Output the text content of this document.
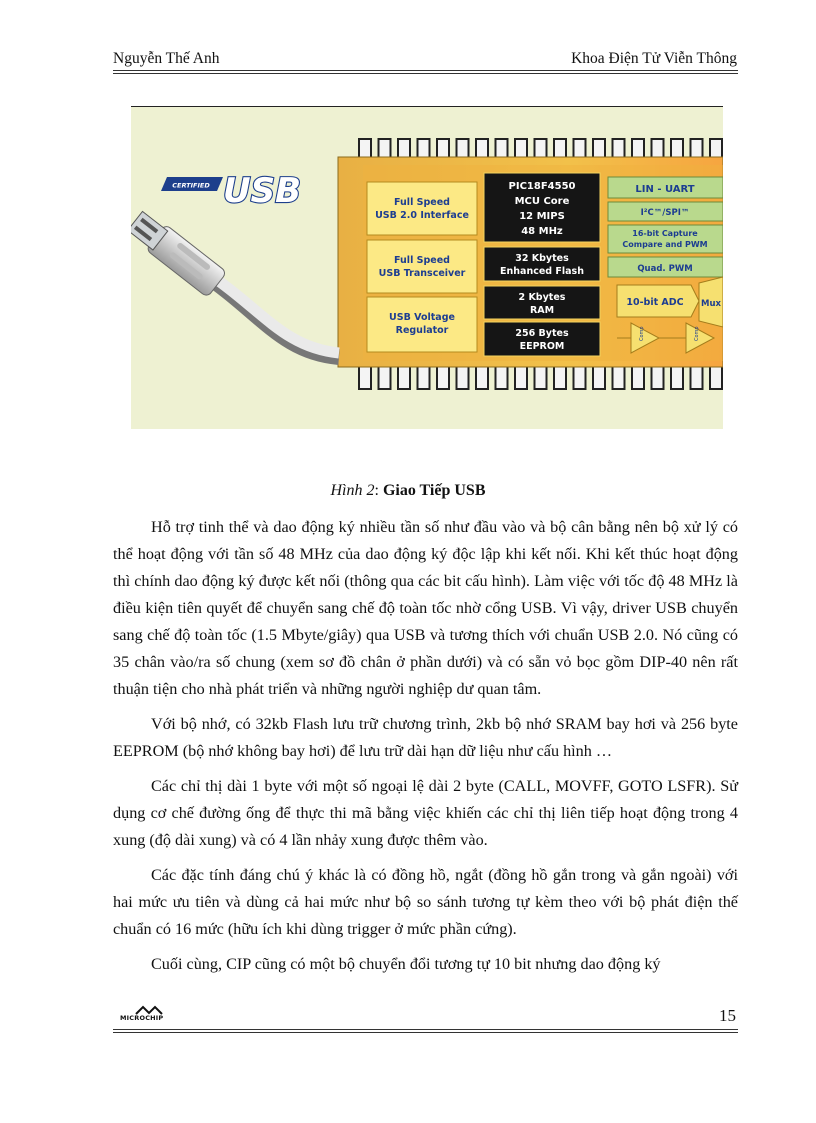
Nguyễn Thế Anh	Khoa Điện Tử Viễn Thông
CERTIFIED USB	Full Speed
USB 2.0 Interface
Full Speed
USB Transceiver
USB Voltage
Regulator
PIC18F4550
MCU Core
12 MIPS
48 MHz
32 Kbytes
Enhanced Flash
2 Kbytes
RAM
256 Bytes
EEPROM
LIN - UART
I²C™/SPI™
16-bit Capture
Compare and PWM
Quad. PWM
10-bit ADC Mux
Comp	Comp
Hình 2: Giao Tiếp USB

Hỗ trợ tinh thể và dao động ký nhiều tần số như đầu vào và bộ cân bằng nên bộ xử lý có thể hoạt động với tần số 48 MHz của dao động ký độc lập khi kết nối. Khi kết thúc hoạt động thì chính dao động ký được kết nối (thông qua các bit cấu hình). Làm việc với tốc độ 48 MHz là điều kiện tiên quyết để chuyển sang chế độ toàn tốc nhờ cổng USB. Vì vậy, driver USB chuyển sang chế độ toàn tốc (1.5 Mbyte/giây) qua USB và tương thích với chuẩn USB 2.0. Nó cũng có 35 chân vào/ra số chung (xem sơ đồ chân ở phần dưới) và có sẵn vỏ bọc gồm DIP-40 nên rất thuận tiện cho nhà phát triển và những người nghiệp dư quan tâm.

Với bộ nhớ, có 32kb Flash lưu trữ chương trình, 2kb bộ nhớ SRAM bay hơi và 256 byte EEPROM (bộ nhớ không bay hơi) để lưu trữ dài hạn dữ liệu như cấu hình …

Các chỉ thị dài 1 byte với một số ngoại lệ dài 2 byte (CALL, MOVFF, GOTO LSFR). Sử dụng cơ chế đường ống để thực thi mã bằng việc khiến các chỉ thị liên tiếp hoạt động trong 4 xung (độ dài xung) và có 4 lần nhảy xung được thêm vào.

Các đặc tính đáng chú ý khác là có đồng hồ, ngắt (đồng hồ gắn trong và gắn ngoài) với hai mức ưu tiên và dùng cả hai mức như bộ so sánh tương tự kèm theo với bộ phát điện thế chuẩn có 16 mức (hữu ích khi dùng trigger ở mức phần cứng).

Cuối cùng, CIP cũng có một bộ chuyển đổi tương tự 10 bit nhưng dao động ký

MICROCHIP	15
